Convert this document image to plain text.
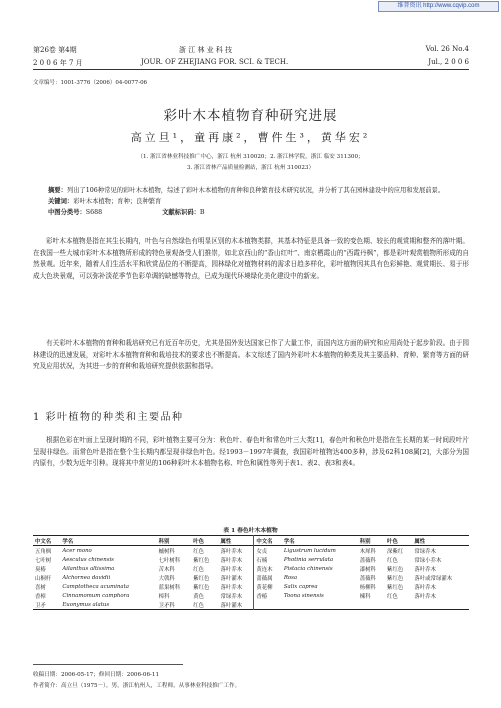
维普资讯 http://www.cqvip.com
第26卷 第4期	浙 江 林 业 科 技	Vol. 26 No.4
2 0 0 6 年 7 月	JOUR. OF ZHEJIANG FOR. SCI. & TECH.	Jul., 2 0 0 6
文章编号：1001-3776（2006）04-0077-06
彩叶木本植物育种研究进展
高立旦¹，童再康²，曹件生³，黄华宏²
（1. 浙江省林业科技推广中心，浙江 杭州 310020；2. 浙江林学院，浙江 临安 311300；
3. 浙江省林产品质量检测站，浙江 杭州 310023）
摘要：列出了106种常见的彩叶木本植物，综述了彩叶木本植物的育种和良种繁育技术研究状况，并分析了其在园林建设中的应用和发展前景。
关键词：彩叶木本植物；育种；良种繁育
中图分类号：S688	文献标识码：B
彩叶木本植物是指在其生长期内，叶色与自然绿色有明显区别的木本植物类群，其基本特征是具备一致的变色期、较长的观赏期和整齐的落叶期。在我国一些大城市彩叶木本植物所形成的特色景观备受人们推崇，如北京西山的“香山红叶”、南京栖霞山的“西霞丹枫”，都是彩叶观赏植物所形成的自然景观。近年来，随着人们生活水平和欣赏品位的不断提高，园林绿化对植物材料的需求日趋多样化，彩叶植物因其具有色彩鲜艳、观赏期长、易于形成大色块景观，可以弥补淡花季节色彩单调的缺憾等特点，已成为现代环境绿化美化建设中的新宠。
有关彩叶木本植物的育种和栽培研究已有近百年历史，尤其是国外发达国家已作了大量工作，而国内这方面的研究和应用尚处于起步阶段。由于园林建设的迅速发展，对彩叶木本植物育种和栽培技术的要求也不断提高。本文综述了国内外彩叶木本植物的种类及其主要品种、育种、繁育等方面的研究及应用状况，为其进一步的育种和栽培研究提供依据和指导。
1 彩叶植物的种类和主要品种
根据色彩在叶面上呈现时期的不同，彩叶植物主要可分为：秋色叶、春色叶和常色叶三大类[1]，春色叶和秋色叶是指在生长期的某一时间段叶片呈现非绿色。而常色叶是指在整个生长期内都呈现非绿色叶色。经1993－1997年调查，我国彩叶植物达400多种，涉及62科108属[2]，大部分为国内原有，少数为近年引种。现将其中常见的106种彩叶木本植物名称、叶色和属性等列于表1、表2、表3和表4。
表 1 春色叶木本植物
中文名	学名	科别	叶色	属性	中文名	学名	科别	叶色	属性
五角枫	Acer mono	槭树科	红色	落叶乔木	女贞	Ligustrum lucidum	木犀科	深紫红	常绿乔木
七叶树	Aesculus chinensis	七叶树科	紫红色	落叶乔木	石楠	Photinia serrulata	蔷薇科	红色	常绿小乔木
臭椿	Ailanthus altissima	苦木科	红色	落叶乔木	黄连木	Pistacia chinensis	漆树科	紫红色	落叶乔木
山桐杆	Alchornea davidii	大戟科	紫红色	落叶灌木	蔷薇属	Rosa	蔷薇科	紫红色	落叶或常绿灌木
喜树	Camptotheca acuminata	蓝果树科	紫红色	落叶乔木	黄花柳	Salix caprea	杨柳科	紫红色	落叶乔木
香樟	Cinnamomum camphora	樟科	黄色	常绿乔木	香椿	Toona sinensis	楝科	红色	落叶乔木
卫矛	Euonymus alatus	卫矛科	红色	落叶灌木					
收稿日期：2006-05-17；修回日期：2006-06-11
作者简介：高立旦（1975－），男，浙江杭州人，工程师，从事林业科技推广工作。
